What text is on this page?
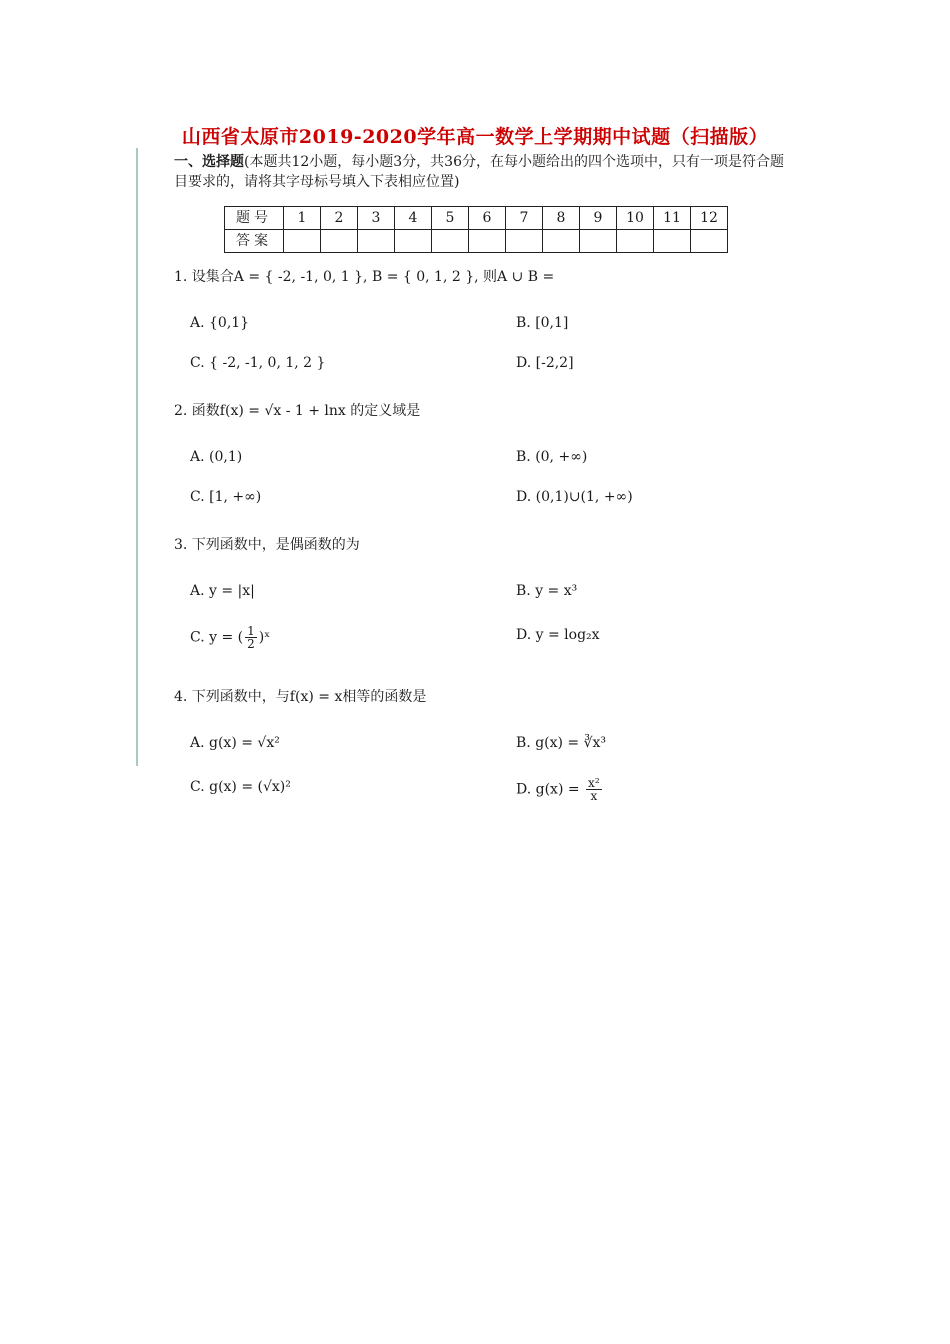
山西省太原市2019-2020学年高一数学上学期期中试题（扫描版）
一、选择题(本题共12小题，每小题3分，共36分，在每小题给出的四个选项中，只有一项是符合题目要求的，请将其字母标号填入下表相应位置)
题号	1	2	3	4	5	6	7	8	9	10	11	12
答案												
1. 设集合A = { -2, -1, 0, 1 }, B = { 0, 1, 2 }, 则A ∪ B =
A. {0,1}	B. [0,1]
C. { -2, -1, 0, 1, 2 }	D. [-2,2]
2. 函数f(x) = √x - 1 + lnx 的定义域是
A. (0,1)	B. (0, +∞)
C. [1, +∞)	D. (0,1)∪(1, +∞)
3. 下列函数中，是偶函数的为
A. y = |x|	B. y = x³
C. y = ( $\frac{1}{2}$ )ˣ	D. y = log₂x
4. 下列函数中，与f(x) = x相等的函数是
A. g(x) = √x²	B. g(x) = ∛x³
C. g(x) = (√x)²	D. $g(x) = \frac{\text{x²}}{x}$
